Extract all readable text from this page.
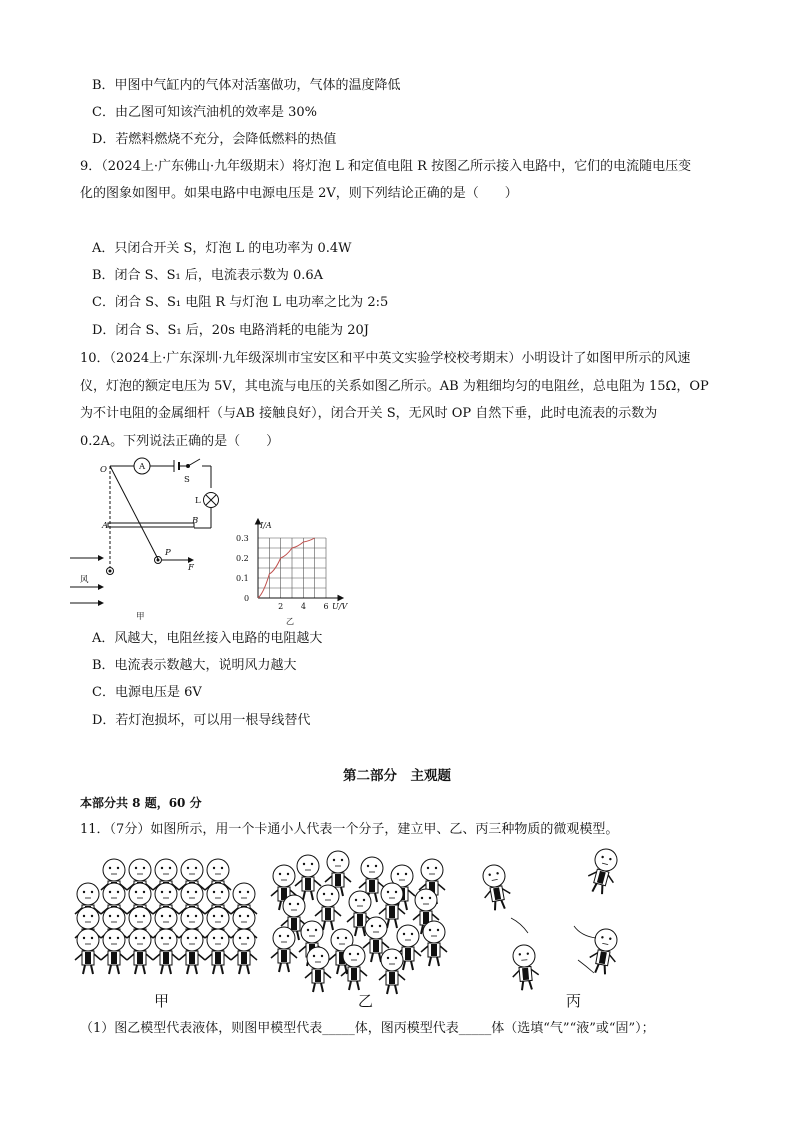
B．甲图中气缸内的气体对活塞做功，气体的温度降低
C．由乙图可知该汽油机的效率是 30%
D．若燃料燃烧不充分，会降低燃料的热值
9．（2024上·广东佛山·九年级期末）将灯泡 L 和定值电阻 R 按图乙所示接入电路中，它们的电流随电压变
化的图象如图甲。如果电路中电源电压是 2V，则下列结论正确的是（　　）
A．只闭合开关 S，灯泡 L 的电功率为 0.4W
B．闭合 S、S₁ 后，电流表示数为 0.6A
C．闭合 S、S₁ 电阻 R 与灯泡 L 电功率之比为 2:5
D．闭合 S、S₁ 后，20s 电路消耗的电能为 20J
10．（2024上·广东深圳·九年级深圳市宝安区和平中英文实验学校校考期末）小明设计了如图甲所示的风速
仪，灯泡的额定电压为 5V，其电流与电压的关系如图乙所示。AB 为粗细均匀的电阻丝，总电阻为 15Ω，OP
为不计电阻的金属细杆（与AB 接触良好），闭合开关 S，无风时 OP 自然下垂，此时电流表的示数为
0.2A。下列说法正确的是（　　）
O
A	B
P
F
A
S
L
风
甲
0
2 4 6
0.1
0.2
0.3
U/V
I/A
乙
A．风越大，电阻丝接入电路的电阻越大
B．电流表示数越大，说明风力越大
C．电源电压是 6V
D．若灯泡损坏，可以用一根导线替代
第二部分　主观题
本部分共 8 题，60 分
11．（7分）如图所示，用一个卡通小人代表一个分子，建立甲、乙、丙三种物质的微观模型。
甲	乙	丙
（1）图乙模型代表液体，则图甲模型代表_____体，图丙模型代表_____体（选填“气”“液”或“固”）；
